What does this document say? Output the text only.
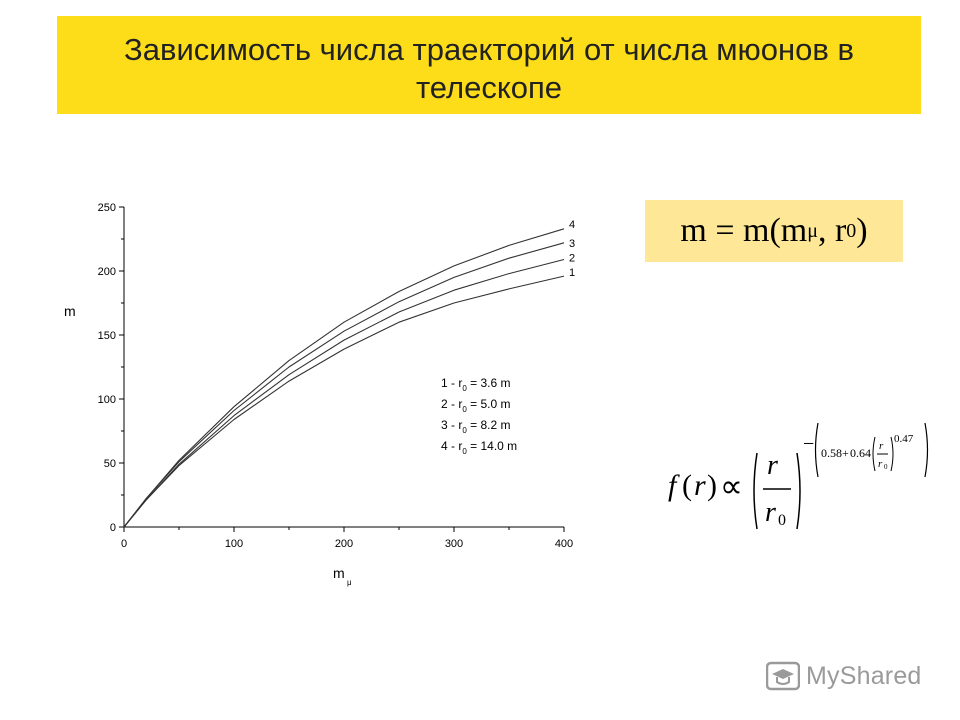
Зависимость числа траекторий от числа мюонов в телескопе
m = m(m μ , r 0 )
0
50
100
150
200
250
0	100	200	300	400
m
m
μ
1
2
3
4
$1 - r_0 = 3.6$ m
$2 - r_0 = 5.0$ m
$3 - r_0 = 8.2$ m
$4 - r_0 = 14.0$ m
f ( r ) ∝
r
r 0
− 0.58 + 0.64 r
r 0
0.47
MyShared
